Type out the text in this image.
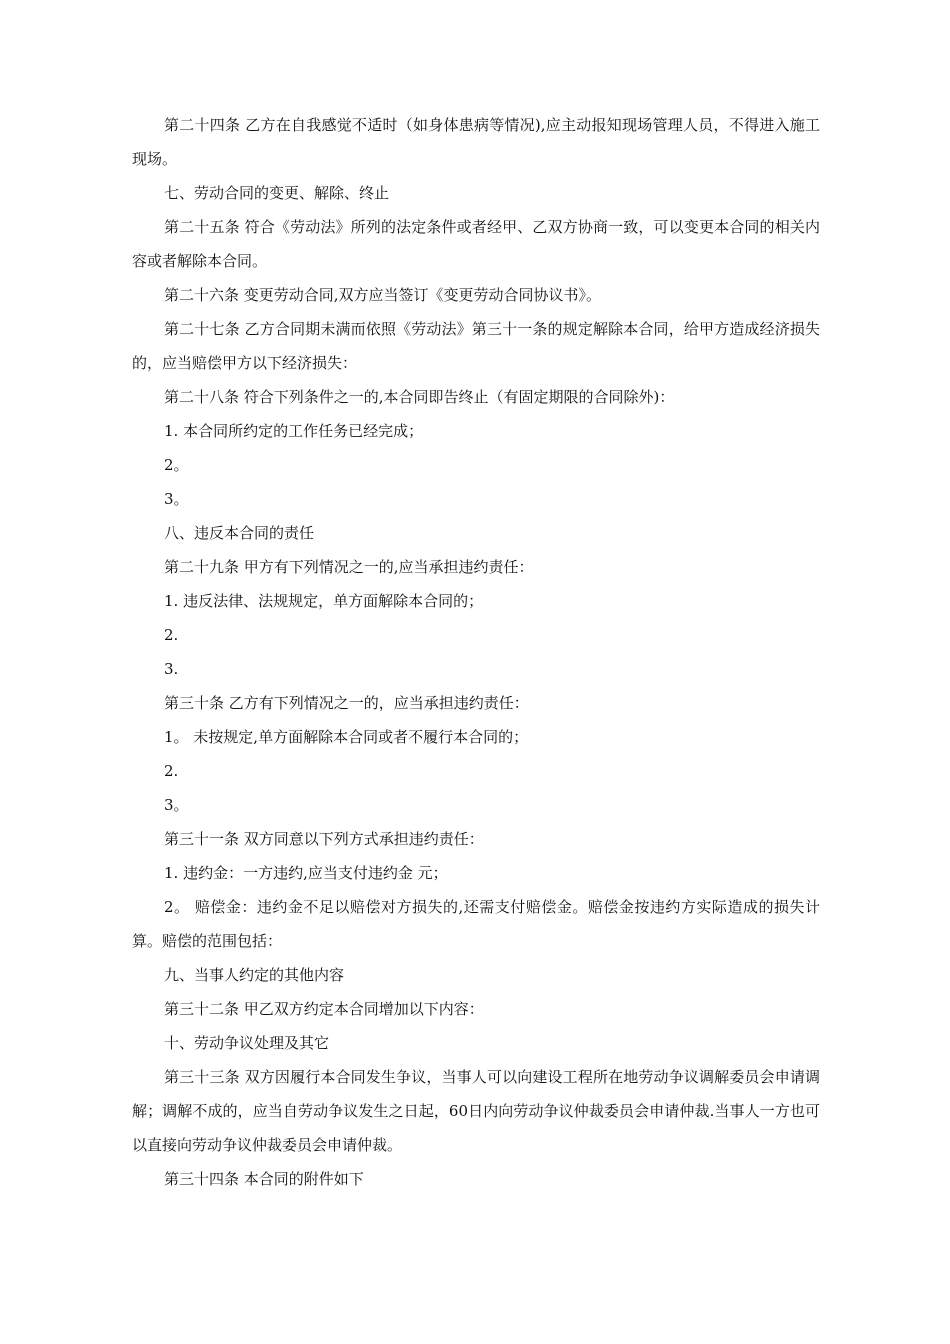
第二十四条 乙方在自我感觉不适时（如身体患病等情况),应主动报知现场管理人员，不得进入施工现场。

七、劳动合同的变更、解除、终止

第二十五条 符合《劳动法》所列的法定条件或者经甲、乙双方协商一致，可以变更本合同的相关内容或者解除本合同。

第二十六条 变更劳动合同,双方应当签订《变更劳动合同协议书》。

第二十七条 乙方合同期未满而依照《劳动法》第三十一条的规定解除本合同，给甲方造成经济损失的，应当赔偿甲方以下经济损失：

第二十八条 符合下列条件之一的,本合同即告终止（有固定期限的合同除外)：

1. 本合同所约定的工作任务已经完成；

2。

3。

八、违反本合同的责任

第二十九条 甲方有下列情况之一的,应当承担违约责任：

1. 违反法律、法规规定，单方面解除本合同的；

2.

3.

第三十条 乙方有下列情况之一的，应当承担违约责任：

1。 未按规定,单方面解除本合同或者不履行本合同的；

2.

3。

第三十一条 双方同意以下列方式承担违约责任：

1. 违约金：一方违约,应当支付违约金 元；

2。 赔偿金：违约金不足以赔偿对方损失的,还需支付赔偿金。赔偿金按违约方实际造成的损失计算。赔偿的范围包括：

九、当事人约定的其他内容

第三十二条 甲乙双方约定本合同增加以下内容：

十、劳动争议处理及其它

第三十三条 双方因履行本合同发生争议，当事人可以向建设工程所在地劳动争议调解委员会申请调解；调解不成的，应当自劳动争议发生之日起，60日内向劳动争议仲裁委员会申请仲裁.当事人一方也可以直接向劳动争议仲裁委员会申请仲裁。

第三十四条 本合同的附件如下
